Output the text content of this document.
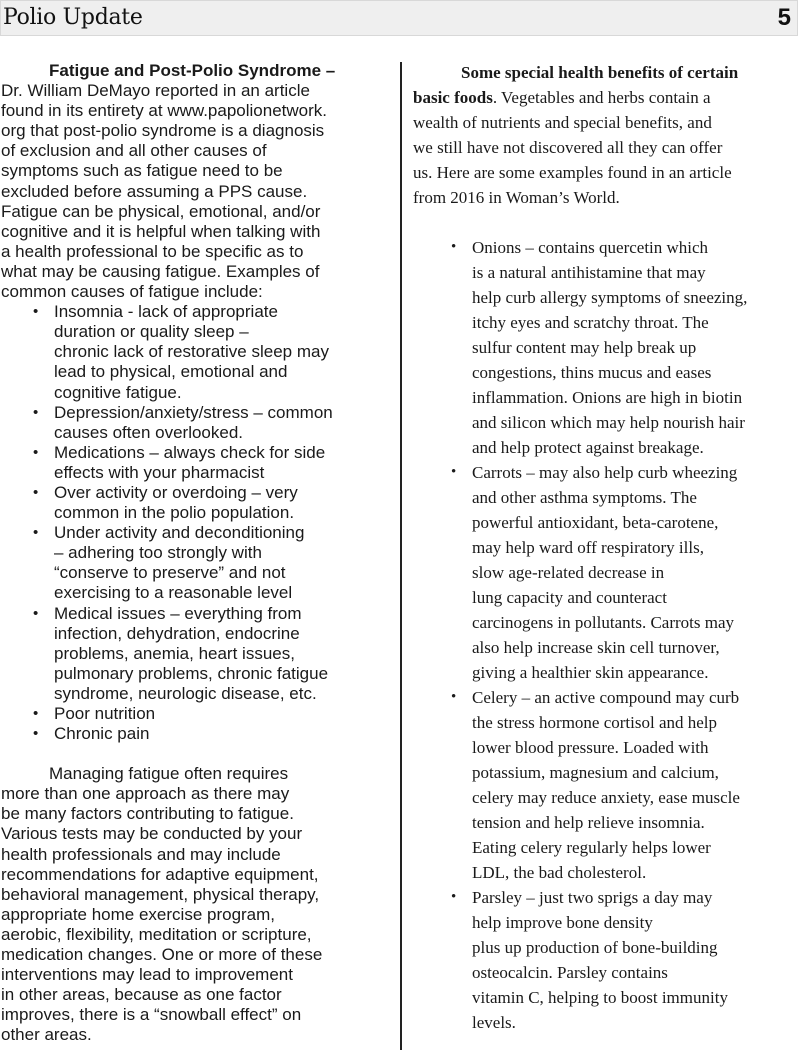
Polio Update	5

Fatigue and Post-Polio Syndrome –
Dr. William DeMayo reported in an article
found in its entirety at www.papolionetwork.
org that post-polio syndrome is a diagnosis
of exclusion and all other causes of
symptoms such as fatigue need to be
excluded before assuming a PPS cause.
Fatigue can be physical, emotional, and/or
cognitive and it is helpful when talking with
a health professional to be specific as to
what may be causing fatigue. Examples of
common causes of fatigue include:

• Insomnia - lack of appropriate
duration or quality sleep –
chronic lack of restorative sleep may
lead to physical, emotional and
cognitive fatigue.
• Depression/anxiety/stress – common
causes often overlooked.
• Medications – always check for side
effects with your pharmacist
• Over activity or overdoing – very
common in the polio population.
• Under activity and deconditioning
– adhering too strongly with
“conserve to preserve” and not
exercising to a reasonable level
• Medical issues – everything from
infection, dehydration, endocrine
problems, anemia, heart issues,
pulmonary problems, chronic fatigue
syndrome, neurologic disease, etc.
• Poor nutrition
• Chronic pain

Managing fatigue often requires
more than one approach as there may
be many factors contributing to fatigue.
Various tests may be conducted by your
health professionals and may include
recommendations for adaptive equipment,
behavioral management, physical therapy,
appropriate home exercise program,
aerobic, flexibility, meditation or scripture,
medication changes. One or more of these
interventions may lead to improvement
in other areas, because as one factor
improves, there is a “snowball effect” on
other areas.

Some special health benefits of certain
basic foods. Vegetables and herbs contain a
wealth of nutrients and special benefits, and
we still have not discovered all they can offer
us. Here are some examples found in an article
from 2016 in Woman’s World.

• Onions – contains quercetin which
is a natural antihistamine that may
help curb allergy symptoms of sneezing,
itchy eyes and scratchy throat. The
sulfur content may help break up
congestions, thins mucus and eases
inflammation. Onions are high in biotin
and silicon which may help nourish hair
and help protect against breakage.
• Carrots – may also help curb wheezing
and other asthma symptoms. The
powerful antioxidant, beta-carotene,
may help ward off respiratory ills,
slow age-related decrease in
lung capacity and counteract
carcinogens in pollutants. Carrots may
also help increase skin cell turnover,
giving a healthier skin appearance.
• Celery – an active compound may curb
the stress hormone cortisol and help
lower blood pressure. Loaded with
potassium, magnesium and calcium,
celery may reduce anxiety, ease muscle
tension and help relieve insomnia.
Eating celery regularly helps lower
LDL, the bad cholesterol.
• Parsley – just two sprigs a day may
help improve bone density
plus up production of bone-building
osteocalcin. Parsley contains
vitamin C, helping to boost immunity
levels.
